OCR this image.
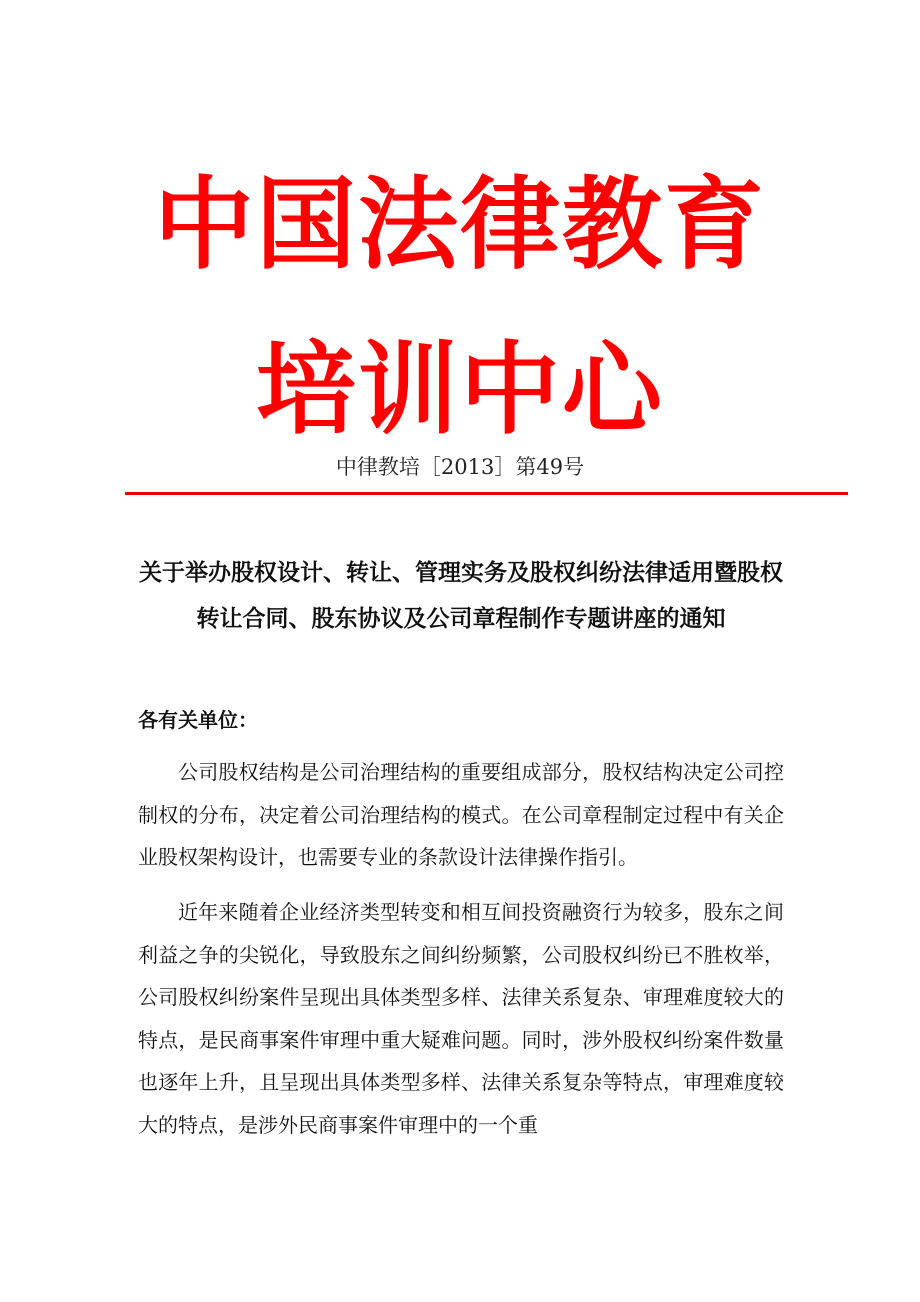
中国法律教育
培训中心

中律教培［2013］第49号

关于举办股权设计、转让、管理实务及股权纠纷法律适用暨股权转让合同、股东协议及公司章程制作专题讲座的通知

各有关单位：

公司股权结构是公司治理结构的重要组成部分，股权结构决定公司控制权的分布，决定着公司治理结构的模式。在公司章程制定过程中有关企业股权架构设计，也需要专业的条款设计法律操作指引。

近年来随着企业经济类型转变和相互间投资融资行为较多，股东之间利益之争的尖锐化，导致股东之间纠纷频繁，公司股权纠纷已不胜枚举，公司股权纠纷案件呈现出具体类型多样、法律关系复杂、审理难度较大的特点，是民商事案件审理中重大疑难问题。同时，涉外股权纠纷案件数量也逐年上升，且呈现出具体类型多样、法律关系复杂等特点，审理难度较大的特点，是涉外民商事案件审理中的一个重
